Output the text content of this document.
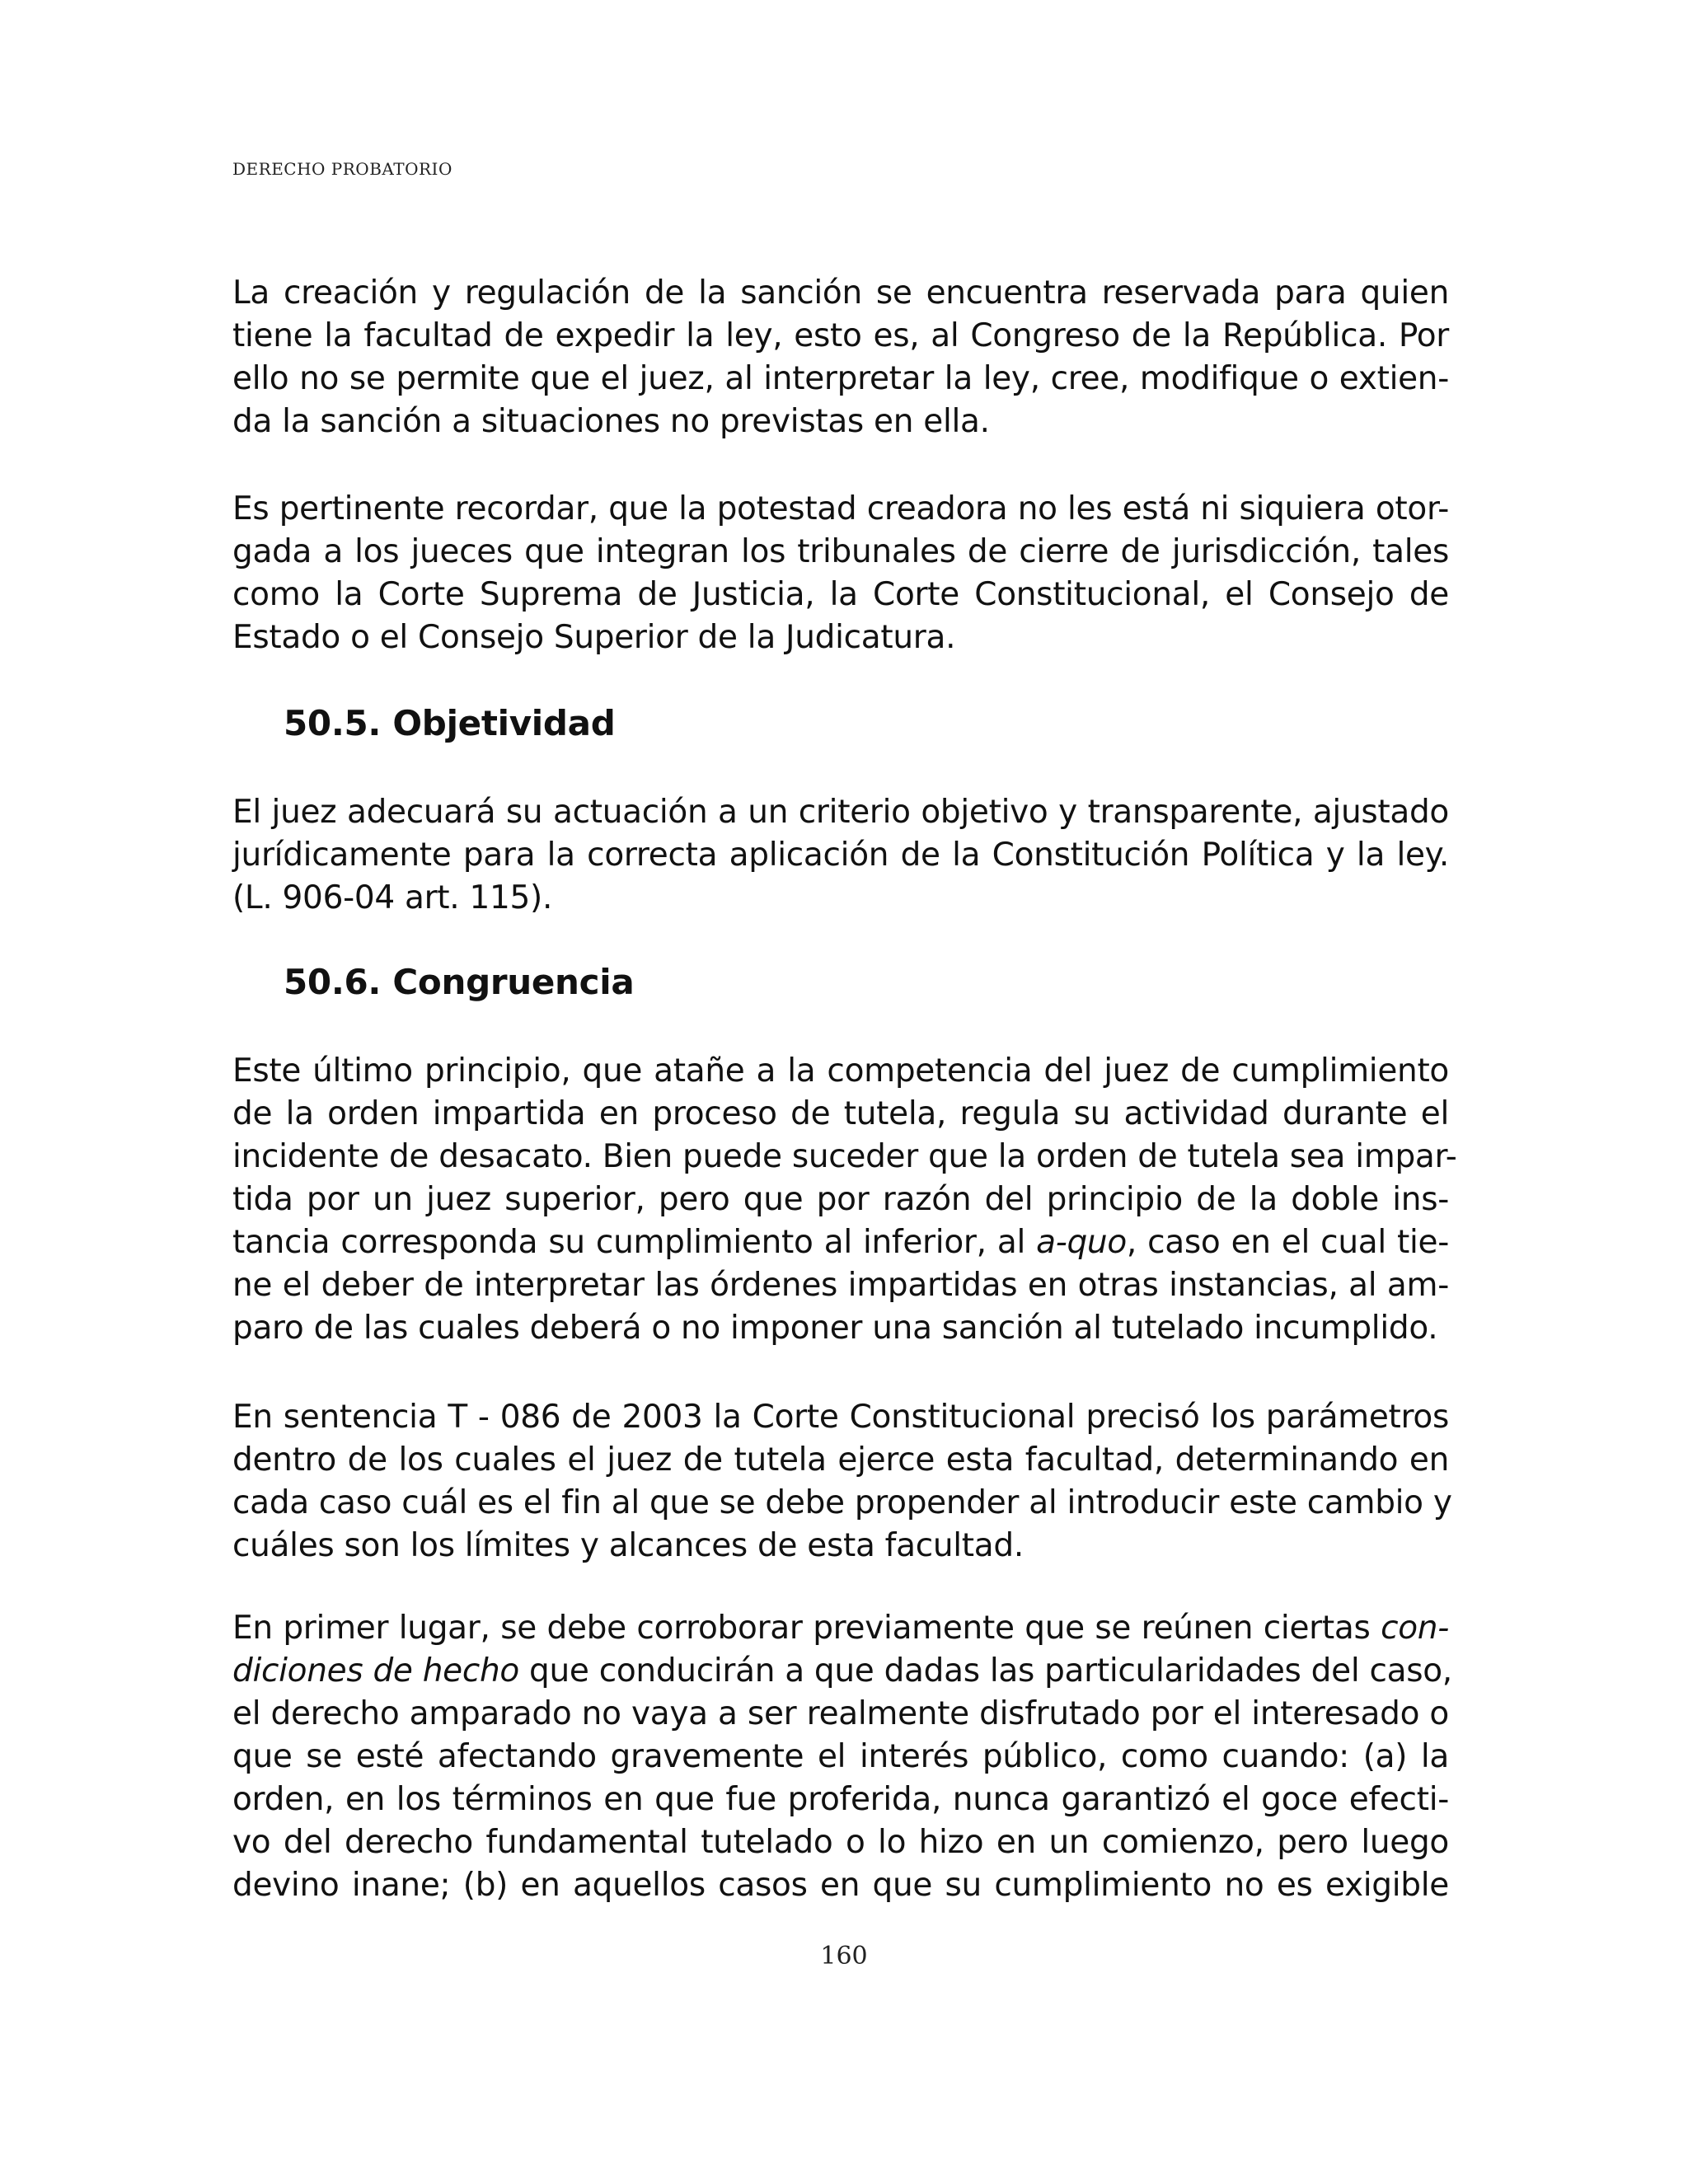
DERECHO PROBATORIO

La creación y regulación de la sanción se encuentra reservada para quien
tiene la facultad de expedir la ley, esto es, al Congreso de la República. Por
ello no se permite que el juez, al interpretar la ley, cree, modifique o extien-
da la sanción a situaciones no previstas en ella.

Es pertinente recordar, que la potestad creadora no les está ni siquiera otor-
gada a los jueces que integran los tribunales de cierre de jurisdicción, tales
como la Corte Suprema de Justicia, la Corte Constitucional, el Consejo de
Estado o el Consejo Superior de la Judicatura.

50.5. Objetividad

El juez adecuará su actuación a un criterio objetivo y transparente, ajustado
jurídicamente para la correcta aplicación de la Constitución Política y la ley.
(L. 906-04 art. 115).

50.6. Congruencia

Este último principio, que atañe a la competencia del juez de cumplimiento
de la orden impartida en proceso de tutela, regula su actividad durante el
incidente de desacato. Bien puede suceder que la orden de tutela sea impar-
tida por un juez superior, pero que por razón del principio de la doble ins-
tancia corresponda su cumplimiento al inferior, al a-quo, caso en el cual tie-
ne el deber de interpretar las órdenes impartidas en otras instancias, al am-
paro de las cuales deberá o no imponer una sanción al tutelado incumplido.

En sentencia T - 086 de 2003 la Corte Constitucional precisó los parámetros
dentro de los cuales el juez de tutela ejerce esta facultad, determinando en
cada caso cuál es el fin al que se debe propender al introducir este cambio y
cuáles son los límites y alcances de esta facultad.

En primer lugar, se debe corroborar previamente que se reúnen ciertas con-
diciones de hecho que conducirán a que dadas las particularidades del caso,
el derecho amparado no vaya a ser realmente disfrutado por el interesado o
que se esté afectando gravemente el interés público, como cuando: (a) la
orden, en los términos en que fue proferida, nunca garantizó el goce efecti-
vo del derecho fundamental tutelado o lo hizo en un comienzo, pero luego
devino inane; (b) en aquellos casos en que su cumplimiento no es exigible

160
